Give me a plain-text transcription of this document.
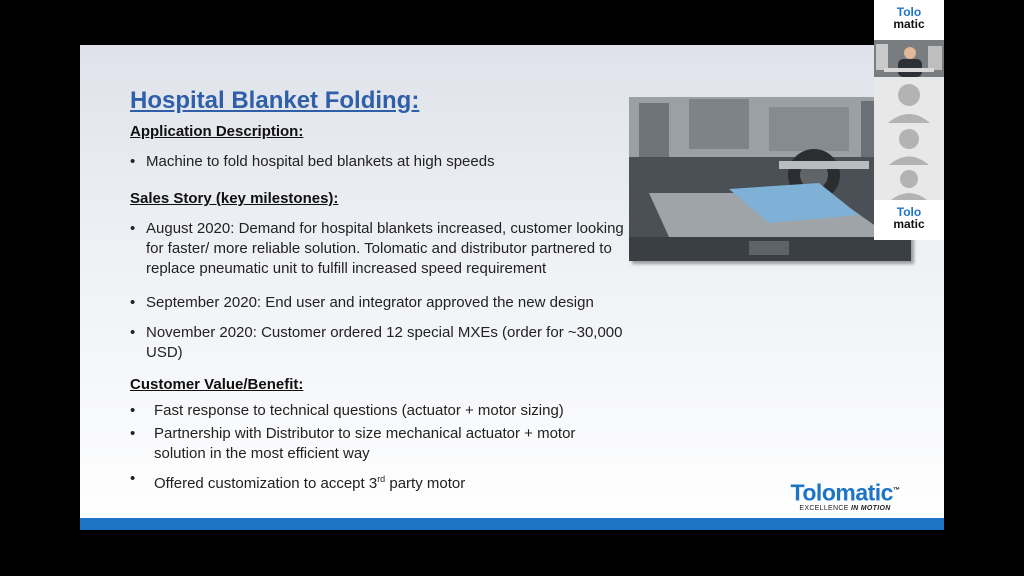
Hospital Blanket Folding:
Application Description:
• Machine to fold hospital bed blankets at high speeds
Sales Story (key milestones):
• August 2020: Demand for hospital blankets increased, customer looking for faster/ more reliable solution. Tolomatic and distributor partnered to replace pneumatic unit to fulfill increased speed requirement
• September 2020: End user and integrator approved the new design
• November 2020: Customer ordered 12 special MXEs (order for ~30,000 USD)
Customer Value/Benefit:
•	Fast response to technical questions (actuator + motor sizing)
•	Partnership with Distributor to size mechanical actuator + motor solution in the most efficient way
•	Offered customization to accept 3rd party motor	Tolomatic™
EXCELLENCE IN MOTION
Tolo
matic
Tolo
matic
